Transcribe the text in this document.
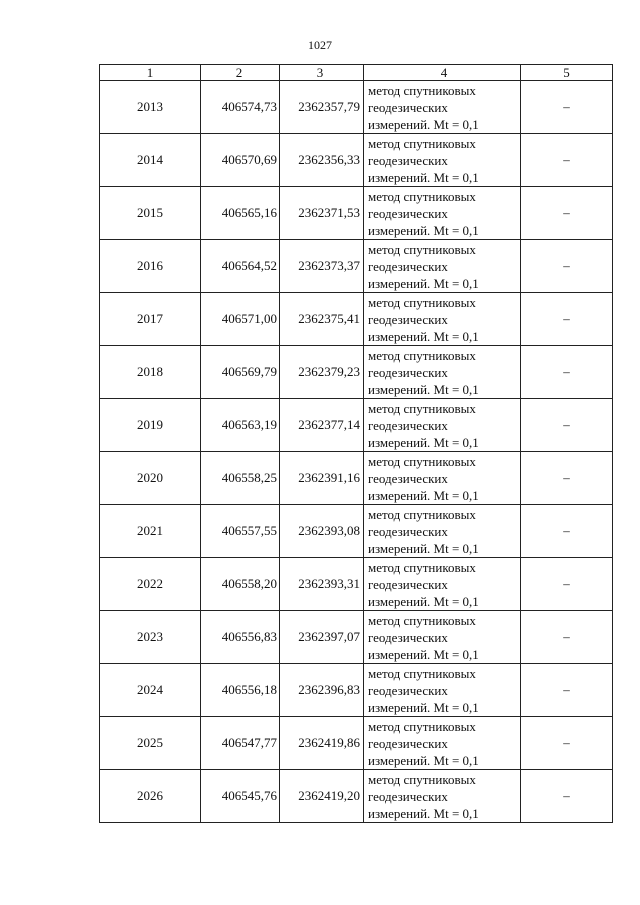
1027
1	2	3	4	5
2013	406574,73	2362357,79	метод спутниковых
геодезических
измерений. Mt = 0,1	–
2014	406570,69	2362356,33	метод спутниковых
геодезических
измерений. Mt = 0,1	–
2015	406565,16	2362371,53	метод спутниковых
геодезических
измерений. Mt = 0,1	–
2016	406564,52	2362373,37	метод спутниковых
геодезических
измерений. Mt = 0,1	–
2017	406571,00	2362375,41	метод спутниковых
геодезических
измерений. Mt = 0,1	–
2018	406569,79	2362379,23	метод спутниковых
геодезических
измерений. Mt = 0,1	–
2019	406563,19	2362377,14	метод спутниковых
геодезических
измерений. Mt = 0,1	–
2020	406558,25	2362391,16	метод спутниковых
геодезических
измерений. Mt = 0,1	–
2021	406557,55	2362393,08	метод спутниковых
геодезических
измерений. Mt = 0,1	–
2022	406558,20	2362393,31	метод спутниковых
геодезических
измерений. Mt = 0,1	–
2023	406556,83	2362397,07	метод спутниковых
геодезических
измерений. Mt = 0,1	–
2024	406556,18	2362396,83	метод спутниковых
геодезических
измерений. Mt = 0,1	–
2025	406547,77	2362419,86	метод спутниковых
геодезических
измерений. Mt = 0,1	–
2026	406545,76	2362419,20	метод спутниковых
геодезических
измерений. Mt = 0,1	–
